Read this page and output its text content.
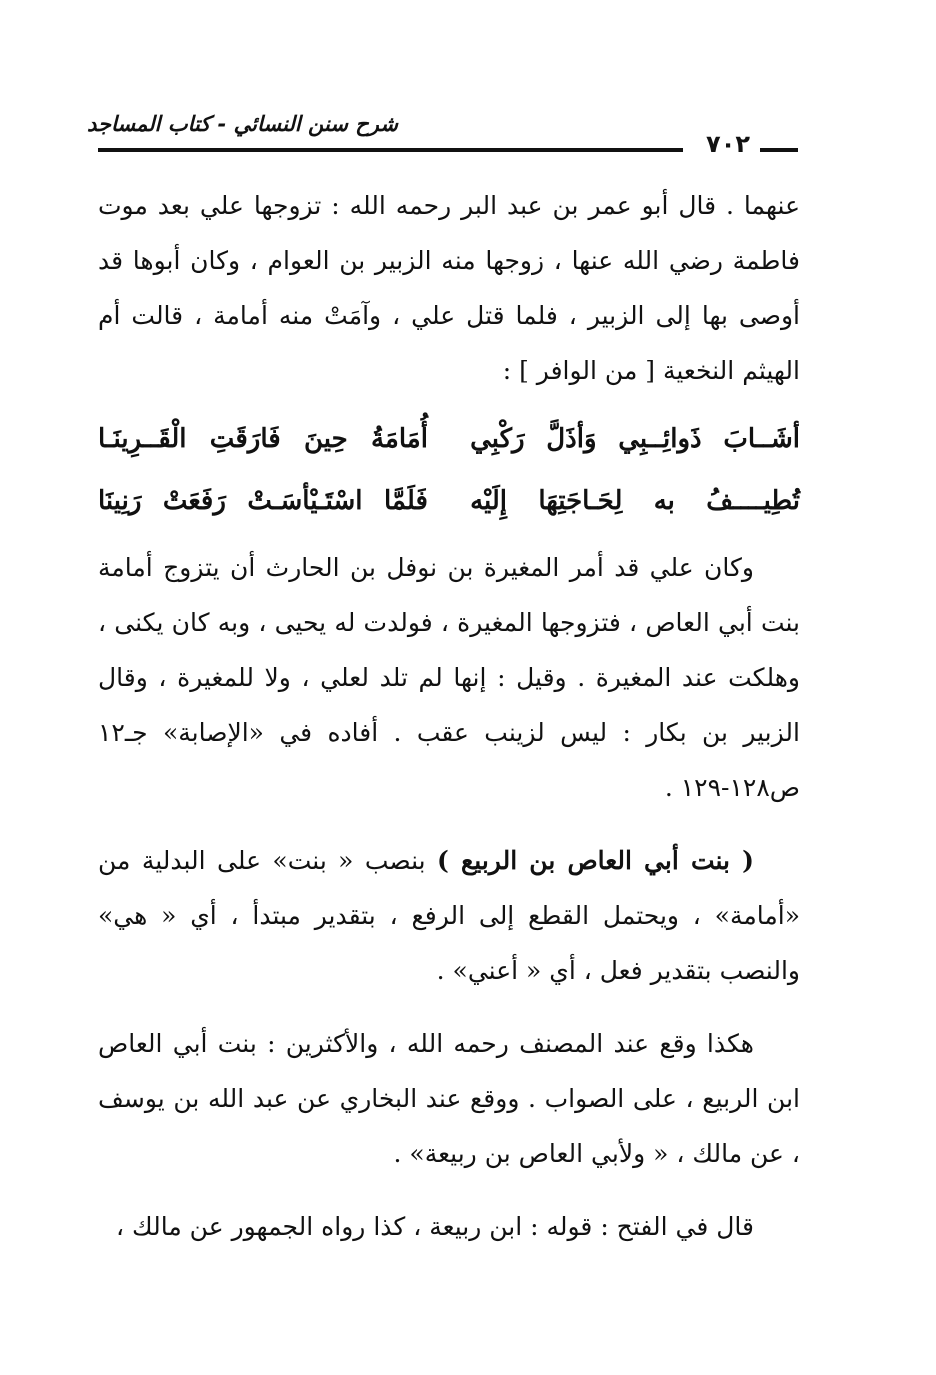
شرح سنن النسائي - كتاب المساجد
٧٠٢

عنهما . قال أبو عمر بن عبد البر رحمه الله : تزوجها علي بعد موت فاطمة رضي الله عنها ، زوجها منه الزبير بن العوام ، وكان أبوها قد أوصى بها إلى الزبير ، فلما قتل علي ، وآمَتْ منه أمامة ، قالت أم الهيثم النخعية [ من الوافر ] :

أشَــابَ ذَوائِــبِي وَأذَلَّ رَكْبِي
أُمَامَةُ حِينَ فَارَقَتِ الْقَــرِينَـا
تُطِيــــفُ به لِحَـاجَتِهَا إِلَيْه
فَلَمَّا اسْتَـيْأسَـتْ رَفَعَتْ رَنِينَا

وكان علي قد أمر المغيرة بن نوفل بن الحارث أن يتزوج أمامة بنت أبي العاص ، فتزوجها المغيرة ، فولدت له يحيى ، وبه كان يكنى ، وهلكت عند المغيرة . وقيل : إنها لم تلد لعلي ، ولا للمغيرة ، وقال الزبير بن بكار : ليس لزينب عقب . أفاده في «الإصابة» جـ١٢ ص١٢٨-١٢٩ .

( بنت أبي العاص بن الربيع ) بنصب « بنت» على البدلية من «أمامة» ، ويحتمل القطع إلى الرفع ، بتقدير مبتدأ ، أي « هي» والنصب بتقدير فعل ، أي « أعني» .

هكذا وقع عند المصنف رحمه الله ، والأكثرين : بنت أبي العاص ابن الربيع ، على الصواب . ووقع عند البخاري عن عبد الله بن يوسف ، عن مالك ، « ولأبي العاص بن ربيعة» .

قال في الفتح : قوله : ابن ربيعة ، كذا رواه الجمهور عن مالك ،
